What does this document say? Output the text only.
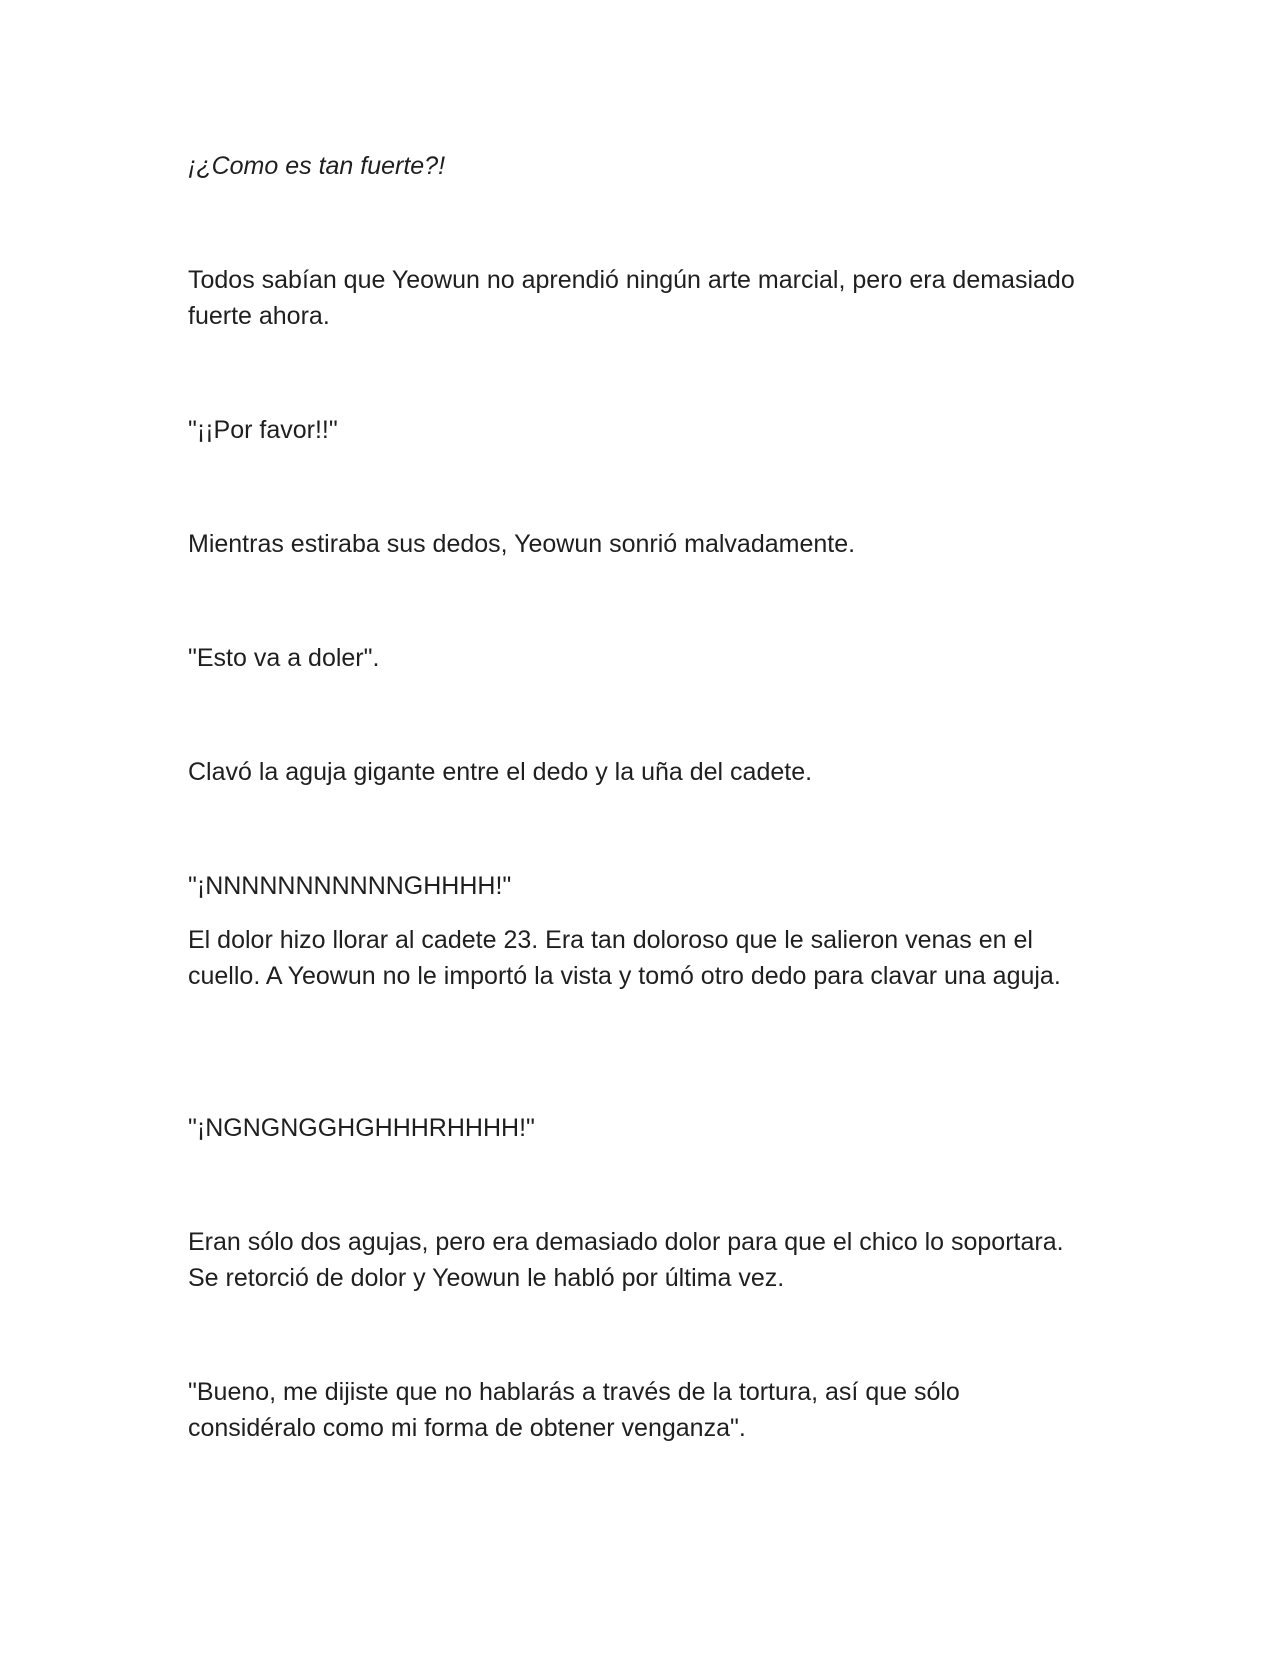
¡¿Como es tan fuerte?!

Todos sabían que Yeowun no aprendió ningún arte marcial, pero era demasiado fuerte ahora.

"¡¡Por favor!!"

Mientras estiraba sus dedos, Yeowun sonrió malvadamente.

"Esto va a doler".

Clavó la aguja gigante entre el dedo y la uña del cadete.

"¡NNNNNNNNNNNGHHHH!"

El dolor hizo llorar al cadete 23. Era tan doloroso que le salieron venas en el cuello. A Yeowun no le importó la vista y tomó otro dedo para clavar una aguja.

"¡NGNGNGGHGHHHRHHHH!"

Eran sólo dos agujas, pero era demasiado dolor para que el chico lo soportara. Se retorció de dolor y Yeowun le habló por última vez.

"Bueno, me dijiste que no hablarás a través de la tortura, así que sólo considéralo como mi forma de obtener venganza".
